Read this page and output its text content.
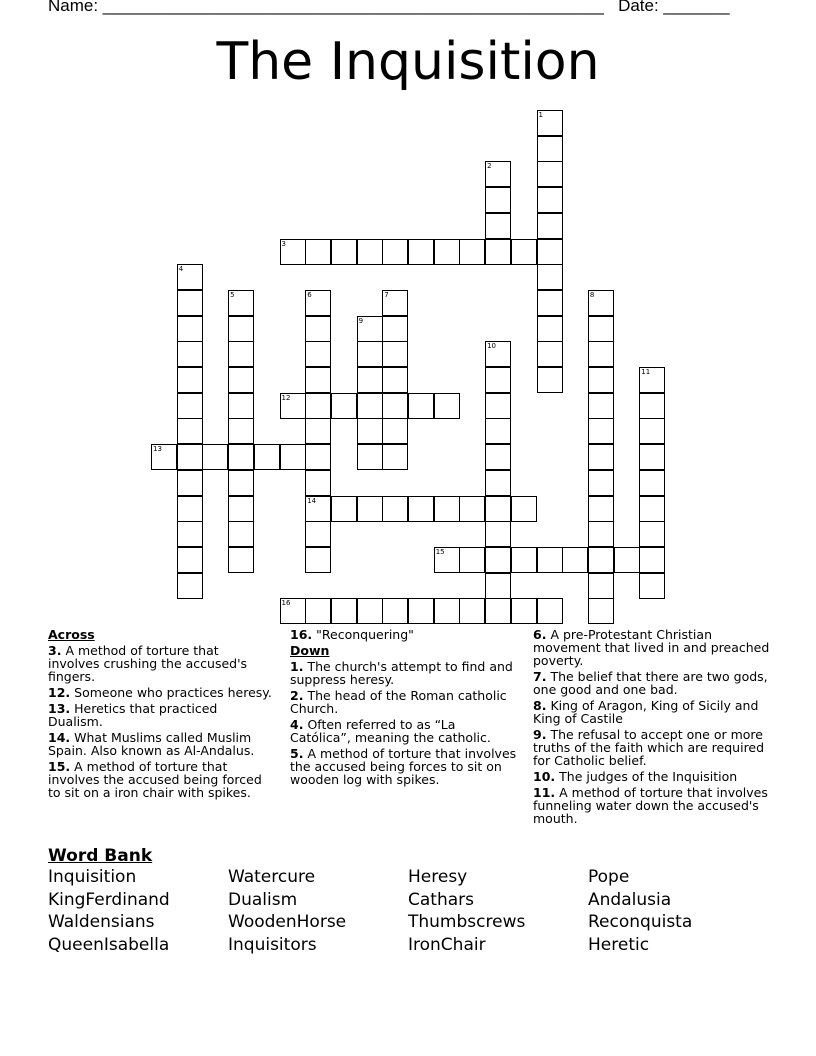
Name: _____________________________________________________ Date: _______
The Inquisition
1
2
3
4
5	6	7	8
9
10
11
12
13
14
15
16
Across
3. A method of torture that involves crushing the accused's fingers.
12. Someone who practices heresy.
13. Heretics that practiced Dualism.
14. What Muslims called Muslim Spain. Also known as Al-Andalus.
15. A method of torture that involves the accused being forced to sit on a iron chair with spikes.
16. "Reconquering"
Down
1. The church's attempt to find and suppress heresy.
2. The head of the Roman catholic Church.
4. Often referred to as “La Católica”, meaning the catholic.
5. A method of torture that involves the accused being forces to sit on wooden log with spikes.
6. A pre-Protestant Christian movement that lived in and preached poverty.
7. The belief that there are two gods, one good and one bad.
8. King of Aragon, King of Sicily and King of Castile
9. The refusal to accept one or more truths of the faith which are required for Catholic belief.
10. The judges of the Inquisition
11. A method of torture that involves funneling water down the accused's mouth.
Word Bank
Inquisition	Watercure	Heresy	Pope
KingFerdinand	Dualism	Cathars	Andalusia
Waldensians	WoodenHorse	Thumbscrews	Reconquista
QueenIsabella	Inquisitors	IronChair	Heretic
